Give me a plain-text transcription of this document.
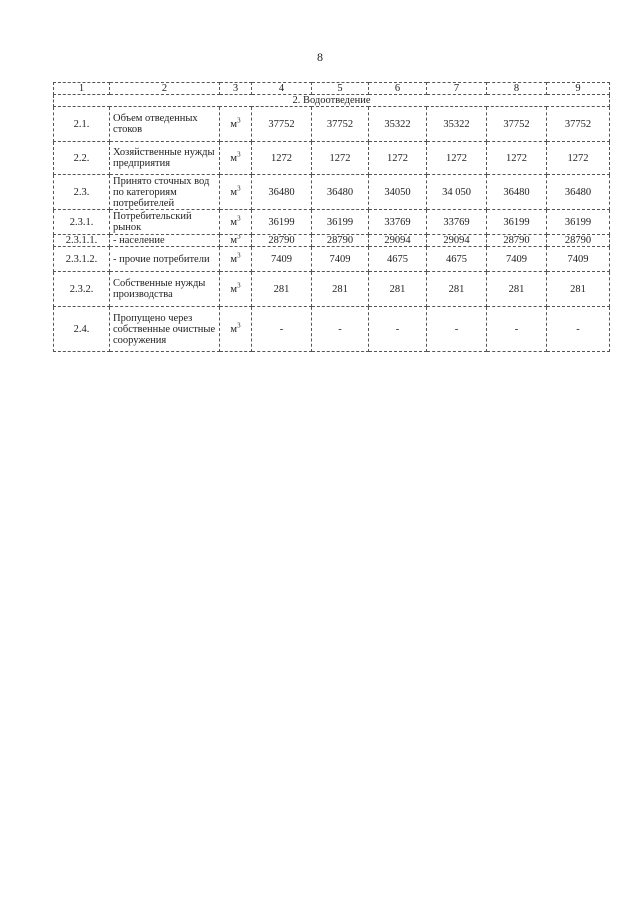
8
1	2	3	4	5	6	7	8	9
2. Водоотведение								
2.1.	Объем отведенных стоков	$м^3$	37752	37752	35322	35322	37752	37752
2.2.	Хозяйственные нужды предприятия	$м^3$	1272	1272	1272	1272	1272	1272
2.3.	Принято сточных вод по категориям потребителей	$м^3$	36480	36480	34050	34 050	36480	36480
2.3.1.	Потребительский рынок	$м^3$	36199	36199	33769	33769	36199	36199
2.3.1.1.	- население	$м^3$	28790	28790	29094	29094	28790	28790
2.3.1.2.	- прочие потребители	$м^3$	7409	7409	4675	4675	7409	7409
2.3.2.	Собственные нужды производства	$м^3$	281	281	281	281	281	281
2.4.	Пропущено через собственные очистные сооружения	$м^3$	-	-	-	-	-	-
